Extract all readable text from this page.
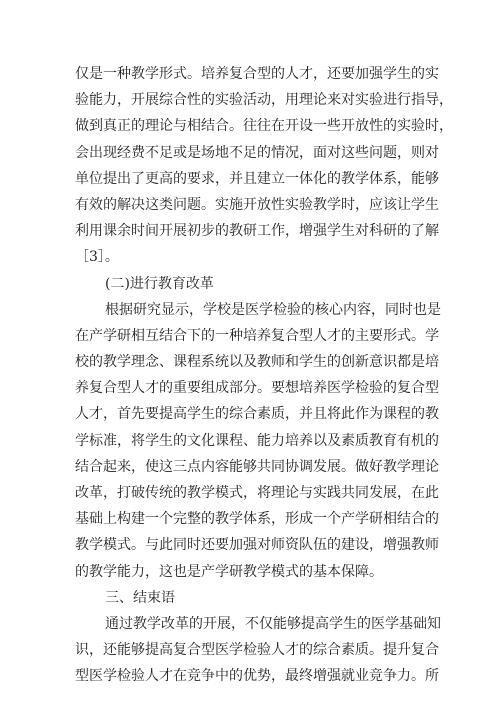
仅是一种教学形式。培养复合型的人才，还要加强学生的实
验能力，开展综合性的实验活动，用理论来对实验进行指导，
做到真正的理论与相结合。往往在开设一些开放性的实验时，
会出现经费不足或是场地不足的情况，面对这些问题，则对
单位提出了更高的要求，并且建立一体化的教学体系，能够
有效的解决这类问题。实施开放性实验教学时，应该让学生
利用课余时间开展初步的教研工作，增强学生对科研的了解
［3］。
(二)进行教育改革
根据研究显示，学校是医学检验的核心内容，同时也是
在产学研相互结合下的一种培养复合型人才的主要形式。学
校的教学理念、课程系统以及教师和学生的创新意识都是培
养复合型人才的重要组成部分。要想培养医学检验的复合型
人才，首先要提高学生的综合素质，并且将此作为课程的教
学标准，将学生的文化课程、能力培养以及素质教育有机的
结合起来，使这三点内容能够共同协调发展。做好教学理论
改革，打破传统的教学模式，将理论与实践共同发展，在此
基础上构建一个完整的教学体系，形成一个产学研相结合的
教学模式。与此同时还要加强对师资队伍的建设，增强教师
的教学能力，这也是产学研教学模式的基本保障。
三、结束语
通过教学改革的开展，不仅能够提高学生的医学基础知
识，还能够提高复合型医学检验人才的综合素质。提升复合
型医学检验人才在竞争中的优势，最终增强就业竞争力。所
